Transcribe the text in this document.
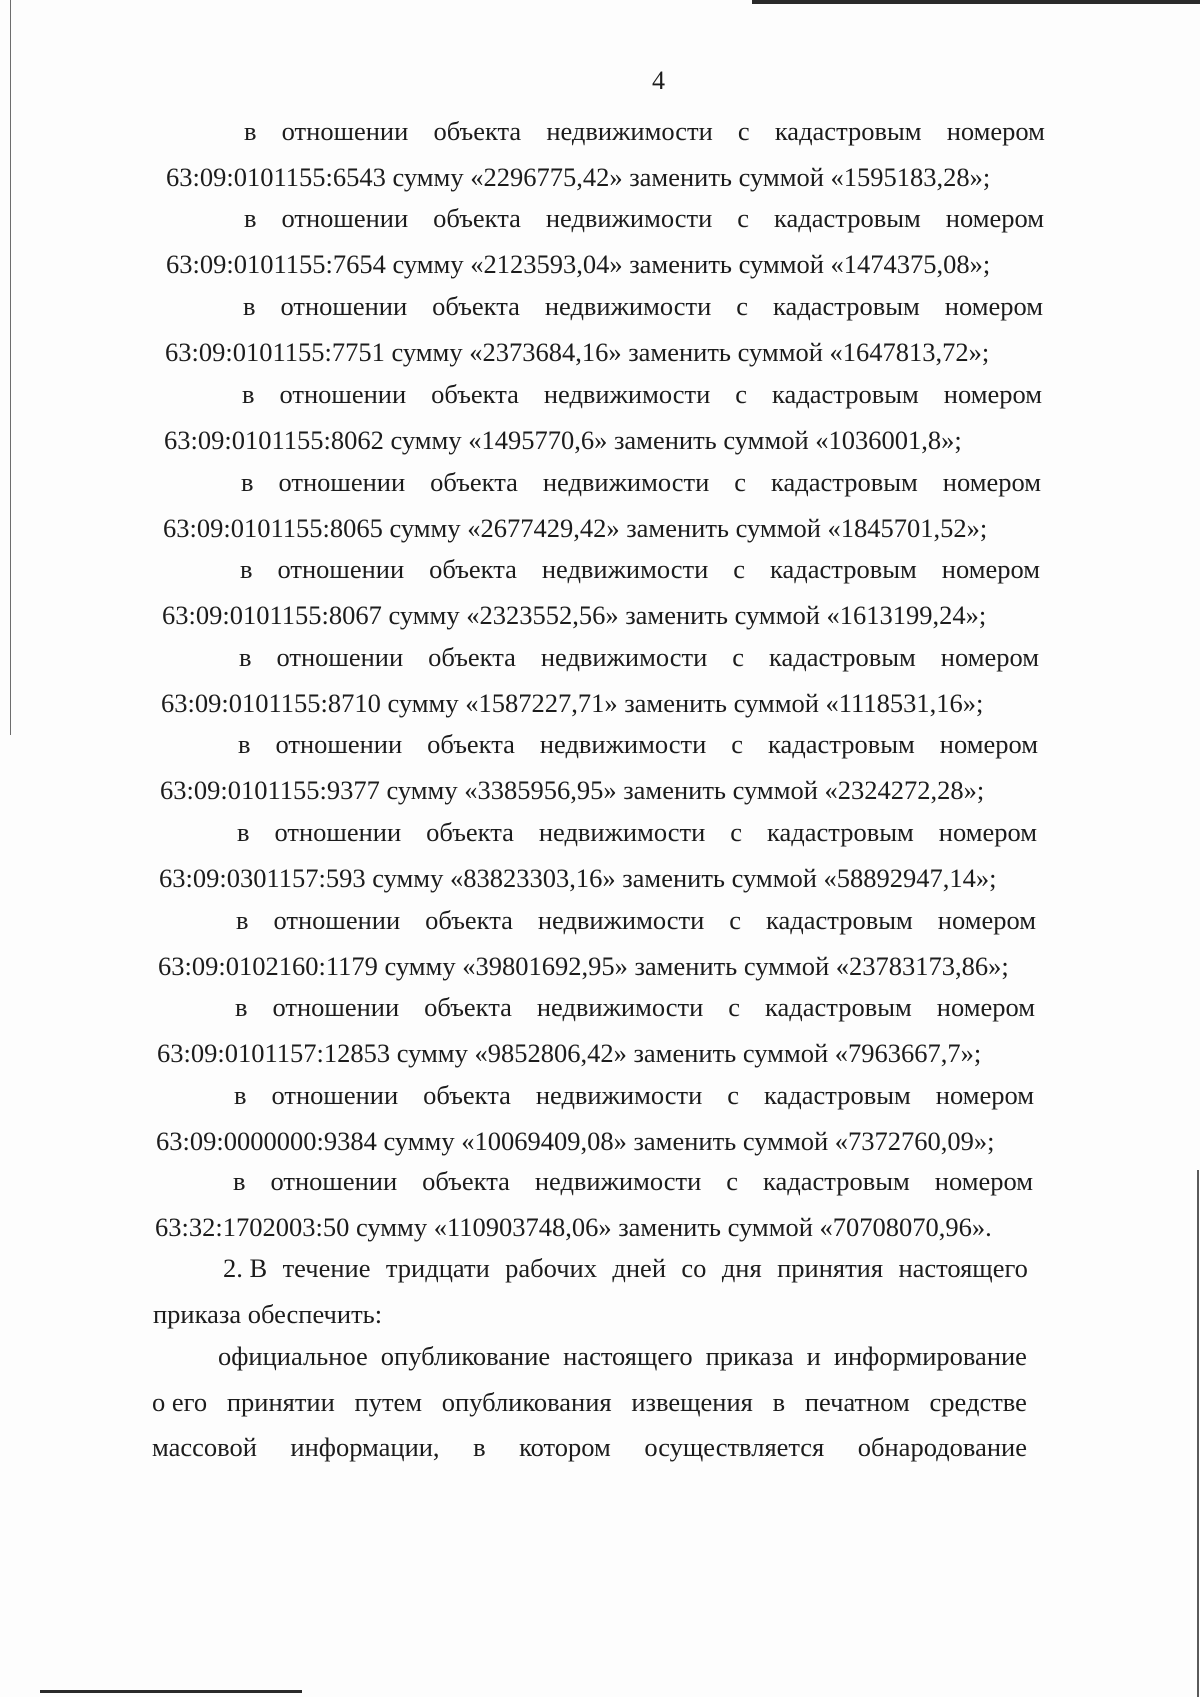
4
в отношении объекта недвижимости с кадастровым номером
63:09:0101155:6543 сумму «2296775,42» заменить суммой «1595183,28»;
в отношении объекта недвижимости с кадастровым номером
63:09:0101155:7654 сумму «2123593,04» заменить суммой «1474375,08»;
в отношении объекта недвижимости с кадастровым номером
63:09:0101155:7751 сумму «2373684,16» заменить суммой «1647813,72»;
в отношении объекта недвижимости с кадастровым номером
63:09:0101155:8062 сумму «1495770,6» заменить суммой «1036001,8»;
в отношении объекта недвижимости с кадастровым номером
63:09:0101155:8065 сумму «2677429,42» заменить суммой «1845701,52»;
в отношении объекта недвижимости с кадастровым номером
63:09:0101155:8067 сумму «2323552,56» заменить суммой «1613199,24»;
в отношении объекта недвижимости с кадастровым номером
63:09:0101155:8710 сумму «1587227,71» заменить суммой «1118531,16»;
в отношении объекта недвижимости с кадастровым номером
63:09:0101155:9377 сумму «3385956,95» заменить суммой «2324272,28»;
в отношении объекта недвижимости с кадастровым номером
63:09:0301157:593 сумму «83823303,16» заменить суммой «58892947,14»;
в отношении объекта недвижимости с кадастровым номером
63:09:0102160:1179 сумму «39801692,95» заменить суммой «23783173,86»;
в отношении объекта недвижимости с кадастровым номером
63:09:0101157:12853 сумму «9852806,42» заменить суммой «7963667,7»;
в отношении объекта недвижимости с кадастровым номером
63:09:0000000:9384 сумму «10069409,08» заменить суммой «7372760,09»;
в отношении объекта недвижимости с кадастровым номером
63:32:1702003:50 сумму «110903748,06» заменить суммой «70708070,96».
2. В течение тридцати рабочих дней со дня принятия настоящего
приказа обеспечить:
официальное опубликование настоящего приказа и информирование
о его принятии путем опубликования извещения в печатном средстве
массовой информации, в котором осуществляется обнародование
